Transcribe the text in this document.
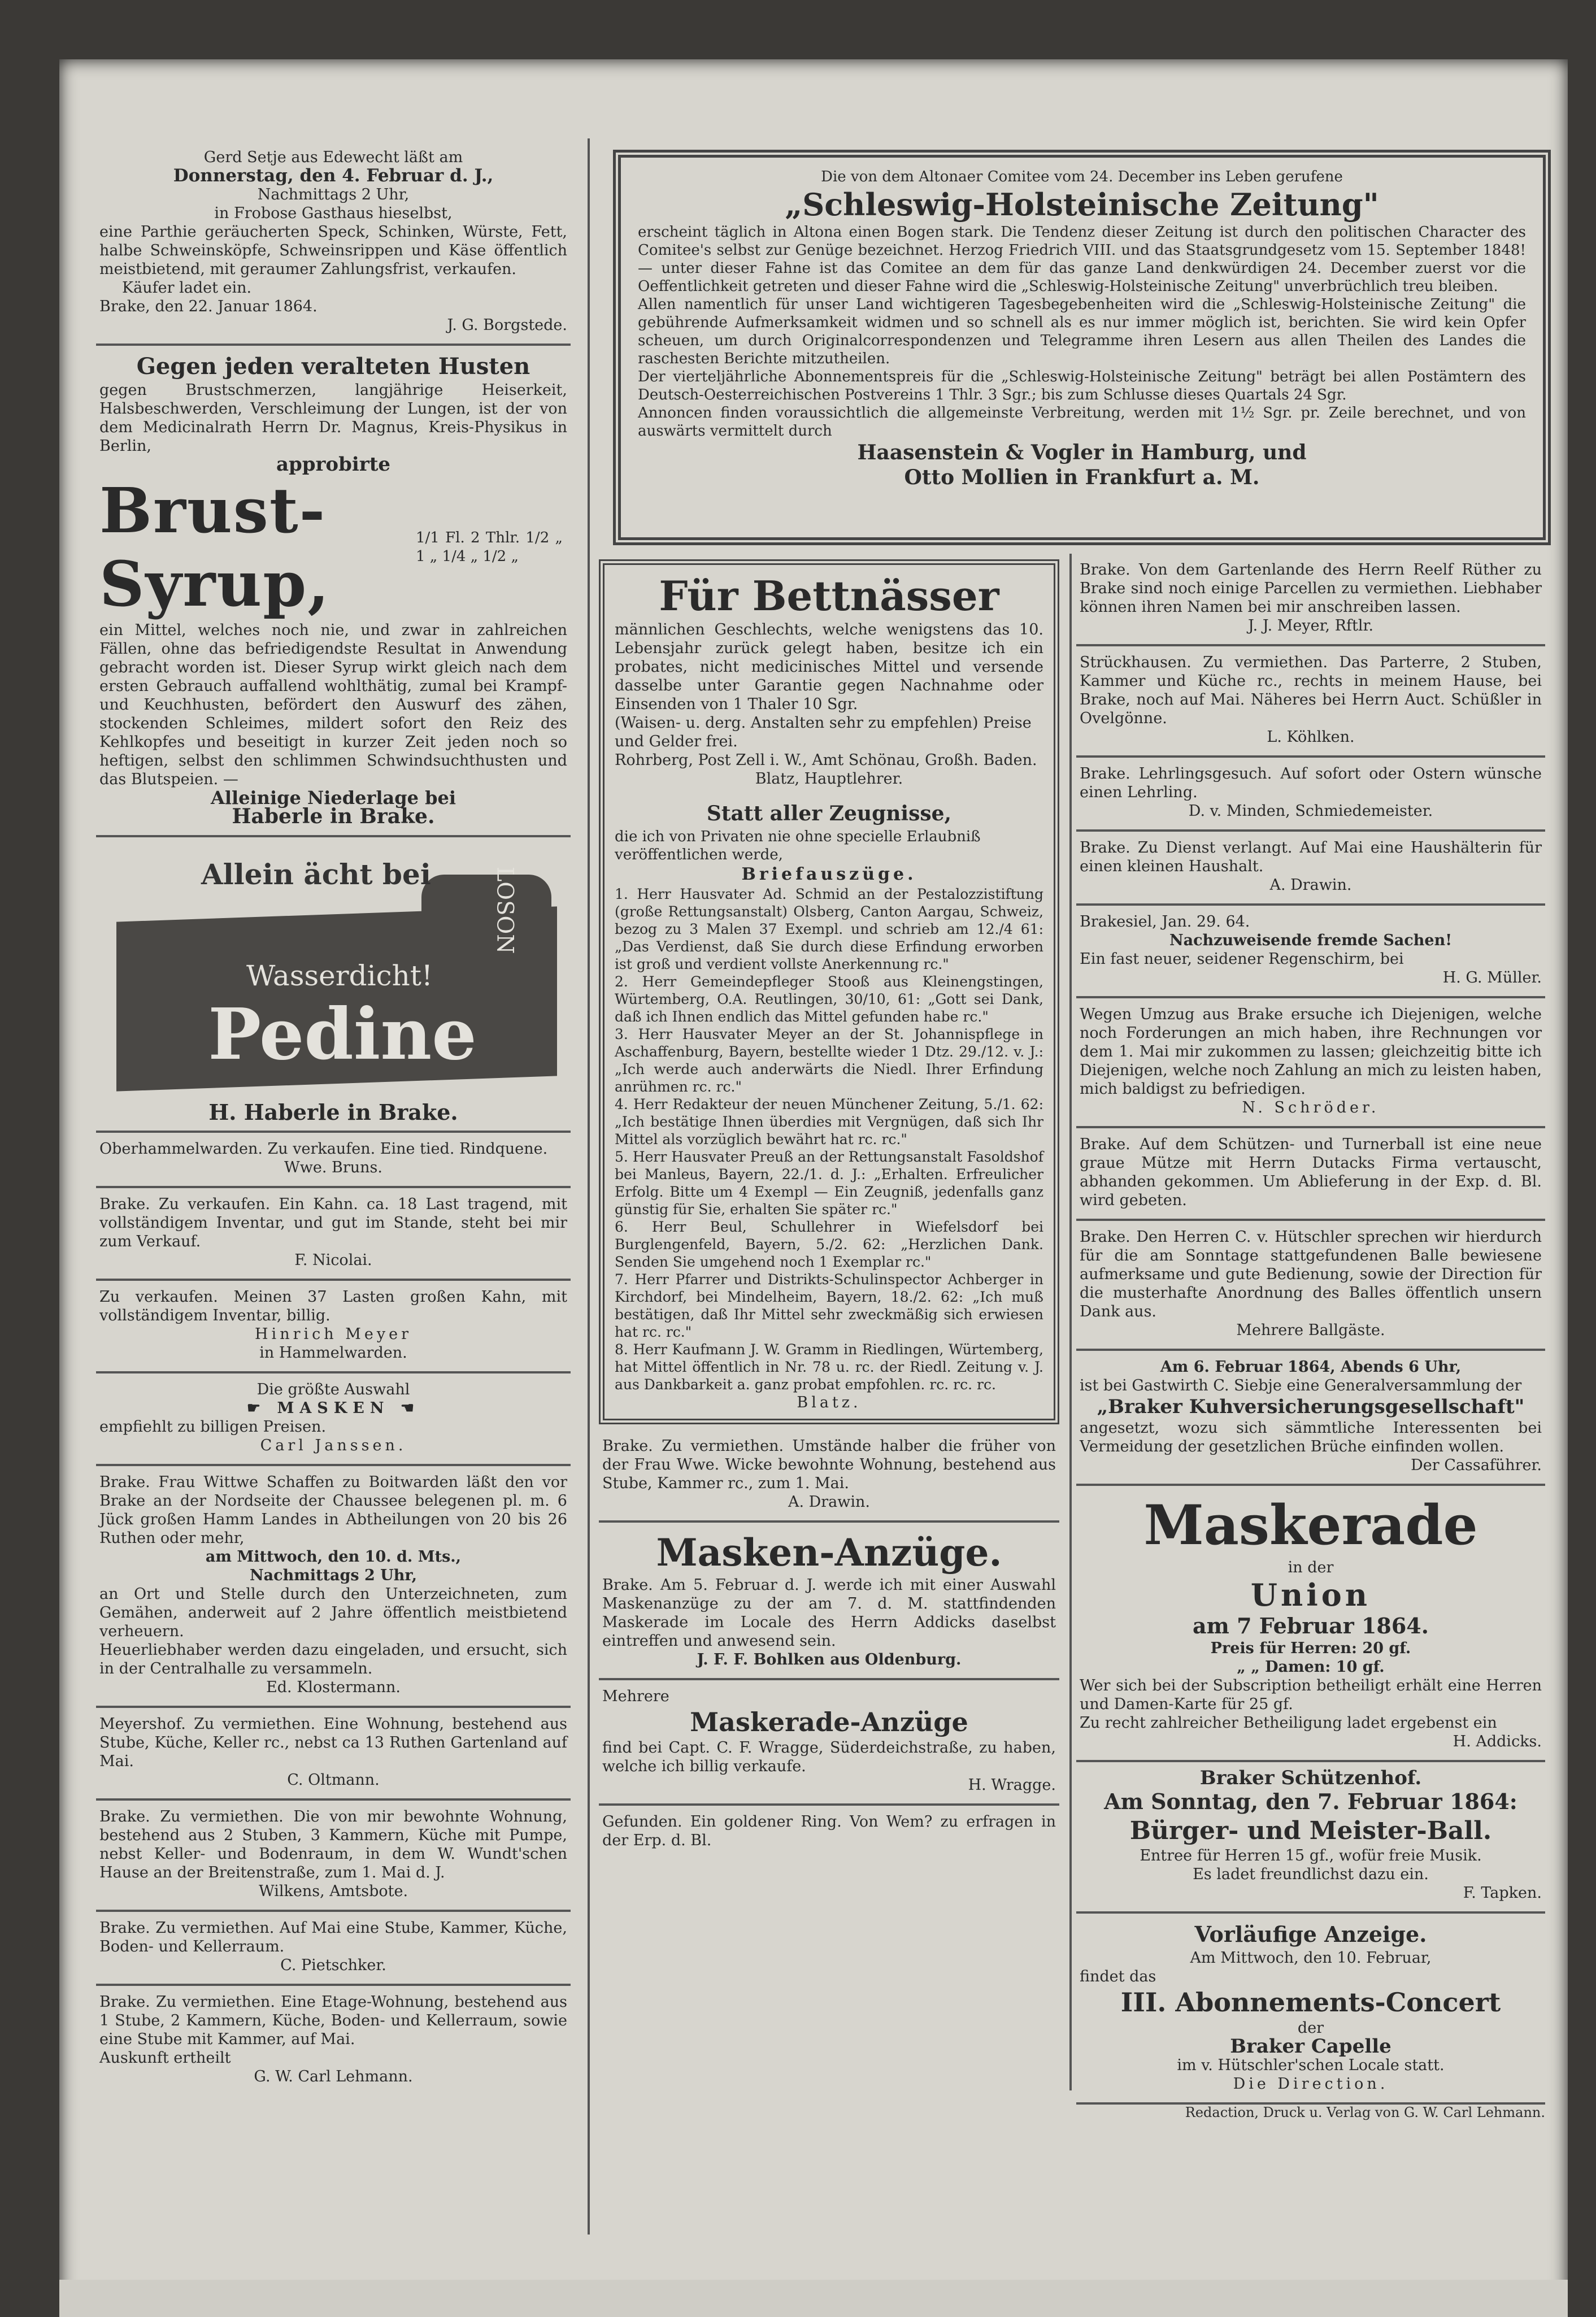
Gerd Setje aus Edewecht läßt am

Donnerstag, den 4. Februar d. J.,

Nachmittags 2 Uhr,

in Frobose Gasthaus hieselbst,

eine Parthie geräucherten Speck, Schinken, Würste, Fett, halbe Schweinsköpfe, Schweinsrippen und Käse öffentlich meistbietend, mit geraumer Zahlungsfrist, verkaufen.

Käufer ladet ein.

Brake, den 22. Januar 1864.

J. G. Borgstede.

Gegen jeden veralteten Husten

gegen Brustschmerzen, langjährige Heiserkeit, Halsbeschwerden, Verschleimung der Lungen, ist der von dem Medicinalrath Herrn Dr. Magnus, Kreis-Physikus in Berlin,

approbirte

Brust-Syrup,

1/1 Fl. 2 Thlr. 1/2 „ 1 „ 1/4 „ 1/2 „

ein Mittel, welches noch nie, und zwar in zahlreichen Fällen, ohne das befriedigendste Resultat in Anwendung gebracht worden ist. Dieser Syrup wirkt gleich nach dem ersten Gebrauch auffallend wohlthätig, zumal bei Krampf- und Keuchhusten, befördert den Auswurf des zähen, stockenden Schleimes, mildert sofort den Reiz des Kehlkopfes und beseitigt in kurzer Zeit jeden noch so heftigen, selbst den schlimmen Schwindsuchthusten und das Blutspeien. —

Alleinige Niederlage bei

Haberle in Brake.

Allein ächt bei
Wasserdicht!
Pedine
LOSON

H. Haberle in Brake.

Oberhammelwarden. Zu verkaufen. Eine tied. Rindquene.

Wwe. Bruns.

Brake. Zu verkaufen. Ein Kahn. ca. 18 Last tragend, mit vollständigem Inventar, und gut im Stande, steht bei mir zum Verkauf.

F. Nicolai.

Zu verkaufen. Meinen 37 Lasten großen Kahn, mit vollständigem Inventar, billig.

Hinrich Meyer

in Hammelwarden.

Die größte Auswahl

☛ MASKEN ☚

empfiehlt zu billigen Preisen.

Carl Janssen.

Brake. Frau Wittwe Schaffen zu Boitwarden läßt den vor Brake an der Nordseite der Chaussee belegenen pl. m. 6 Jück großen Hamm Landes in Abtheilungen von 20 bis 26 Ruthen oder mehr,

am Mittwoch, den 10. d. Mts.,

Nachmittags 2 Uhr,

an Ort und Stelle durch den Unterzeichneten, zum Gemähen, anderweit auf 2 Jahre öffentlich meistbietend verheuern.

Heuerliebhaber werden dazu eingeladen, und ersucht, sich in der Centralhalle zu versammeln.

Ed. Klostermann.

Meyershof. Zu vermiethen. Eine Wohnung, bestehend aus Stube, Küche, Keller rc., nebst ca 13 Ruthen Gartenland auf Mai.

C. Oltmann.

Brake. Zu vermiethen. Die von mir bewohnte Wohnung, bestehend aus 2 Stuben, 3 Kammern, Küche mit Pumpe, nebst Keller- und Bodenraum, in dem W. Wundt'schen Hause an der Breitenstraße, zum 1. Mai d. J.

Wilkens, Amtsbote.

Brake. Zu vermiethen. Auf Mai eine Stube, Kammer, Küche, Boden- und Kellerraum.

C. Pietschker.

Brake. Zu vermiethen. Eine Etage-Wohnung, bestehend aus 1 Stube, 2 Kammern, Küche, Boden- und Kellerraum, sowie eine Stube mit Kammer, auf Mai.

Auskunft ertheilt

G. W. Carl Lehmann.

Die von dem Altonaer Comitee vom 24. December ins Leben gerufene

„Schleswig-Holsteinische Zeitung"

erscheint täglich in Altona einen Bogen stark. Die Tendenz dieser Zeitung ist durch den politischen Character des Comitee's selbst zur Genüge bezeichnet. Herzog Friedrich VIII. und das Staatsgrundgesetz vom 15. September 1848! — unter dieser Fahne ist das Comitee an dem für das ganze Land denkwürdigen 24. December zuerst vor die Oeffentlichkeit getreten und dieser Fahne wird die „Schleswig-Holsteinische Zeitung" unverbrüchlich treu bleiben.

Allen namentlich für unser Land wichtigeren Tagesbegebenheiten wird die „Schleswig-Holsteinische Zeitung" die gebührende Aufmerksamkeit widmen und so schnell als es nur immer möglich ist, berichten. Sie wird kein Opfer scheuen, um durch Originalcorrespondenzen und Telegramme ihren Lesern aus allen Theilen des Landes die raschesten Berichte mitzutheilen.

Der vierteljährliche Abonnementspreis für die „Schleswig-Holsteinische Zeitung" beträgt bei allen Postämtern des Deutsch-Oesterreichischen Postvereins 1 Thlr. 3 Sgr.; bis zum Schlusse dieses Quartals 24 Sgr.

Annoncen finden voraussichtlich die allgemeinste Verbreitung, werden mit 1½ Sgr. pr. Zeile berechnet, und von auswärts vermittelt durch

Haasenstein & Vogler in Hamburg, und

Otto Mollien in Frankfurt a. M.

Für Bettnässer

männlichen Geschlechts, welche wenigstens das 10. Lebensjahr zurück gelegt haben, besitze ich ein probates, nicht medicinisches Mittel und versende dasselbe unter Garantie gegen Nachnahme oder Einsenden von 1 Thaler 10 Sgr.

(Waisen- u. derg. Anstalten sehr zu empfehlen) Preise und Gelder frei.

Rohrberg, Post Zell i. W., Amt Schönau, Großh. Baden.

Blatz, Hauptlehrer.

Statt aller Zeugnisse,

die ich von Privaten nie ohne specielle Erlaubniß veröffentlichen werde,

Briefauszüge.

1. Herr Hausvater Ad. Schmid an der Pestalozzistiftung (große Rettungsanstalt) Olsberg, Canton Aargau, Schweiz, bezog zu 3 Malen 37 Exempl. und schrieb am 12./4 61: „Das Verdienst, daß Sie durch diese Erfindung erworben ist groß und verdient vollste Anerkennung rc."

2. Herr Gemeindepfleger Stooß aus Kleinengstingen, Würtemberg, O.A. Reutlingen, 30/10, 61: „Gott sei Dank, daß ich Ihnen endlich das Mittel gefunden habe rc."

3. Herr Hausvater Meyer an der St. Johannispflege in Aschaffenburg, Bayern, bestellte wieder 1 Dtz. 29./12. v. J.: „Ich werde auch anderwärts die Niedl. Ihrer Erfindung anrühmen rc. rc."

4. Herr Redakteur der neuen Münchener Zeitung, 5./1. 62: „Ich bestätige Ihnen überdies mit Vergnügen, daß sich Ihr Mittel als vorzüglich bewährt hat rc. rc."

5. Herr Hausvater Preuß an der Rettungsanstalt Fasoldshof bei Manleus, Bayern, 22./1. d. J.: „Erhalten. Erfreulicher Erfolg. Bitte um 4 Exempl — Ein Zeugniß, jedenfalls ganz günstig für Sie, erhalten Sie später rc."

6. Herr Beul, Schullehrer in Wiefelsdorf bei Burglengenfeld, Bayern, 5./2. 62: „Herzlichen Dank. Senden Sie umgehend noch 1 Exemplar rc."

7. Herr Pfarrer und Distrikts-Schulinspector Achberger in Kirchdorf, bei Mindelheim, Bayern, 18./2. 62: „Ich muß bestätigen, daß Ihr Mittel sehr zweckmäßig sich erwiesen hat rc. rc."

8. Herr Kaufmann J. W. Gramm in Riedlingen, Würtemberg, hat Mittel öffentlich in Nr. 78 u. rc. der Riedl. Zeitung v. J. aus Dankbarkeit a. ganz probat empfohlen. rc. rc. rc.

Blatz.

Brake. Zu vermiethen. Umstände halber die früher von der Frau Wwe. Wicke bewohnte Wohnung, bestehend aus Stube, Kammer rc., zum 1. Mai.

A. Drawin.

Masken-Anzüge.

Brake. Am 5. Februar d. J. werde ich mit einer Auswahl Maskenanzüge zu der am 7. d. M. stattfindenden Maskerade im Locale des Herrn Addicks daselbst eintreffen und anwesend sein.

J. F. F. Bohlken aus Oldenburg.

Mehrere

Maskerade-Anzüge

find bei Capt. C. F. Wragge, Süderdeichstraße, zu haben, welche ich billig verkaufe.

H. Wragge.

Gefunden. Ein goldener Ring. Von Wem? zu erfragen in der Erp. d. Bl.

Brake. Von dem Gartenlande des Herrn Reelf Rüther zu Brake sind noch einige Parcellen zu vermiethen. Liebhaber können ihren Namen bei mir anschreiben lassen.

J. J. Meyer, Rftlr.

Strückhausen. Zu vermiethen. Das Parterre, 2 Stuben, Kammer und Küche rc., rechts in meinem Hause, bei Brake, noch auf Mai. Näheres bei Herrn Auct. Schüßler in Ovelgönne.

L. Köhlken.

Brake. Lehrlingsgesuch. Auf sofort oder Ostern wünsche einen Lehrling.

D. v. Minden, Schmiedemeister.

Brake. Zu Dienst verlangt. Auf Mai eine Haushälterin für einen kleinen Haushalt.

A. Drawin.

Brakesiel, Jan. 29. 64.

Nachzuweisende fremde Sachen!

Ein fast neuer, seidener Regenschirm, bei

H. G. Müller.

Wegen Umzug aus Brake ersuche ich Diejenigen, welche noch Forderungen an mich haben, ihre Rechnungen vor dem 1. Mai mir zukommen zu lassen; gleichzeitig bitte ich Diejenigen, welche noch Zahlung an mich zu leisten haben, mich baldigst zu befriedigen.

N. Schröder.

Brake. Auf dem Schützen- und Turnerball ist eine neue graue Mütze mit Herrn Dutacks Firma vertauscht, abhanden gekommen. Um Ablieferung in der Exp. d. Bl. wird gebeten.

Brake. Den Herren C. v. Hütschler sprechen wir hierdurch für die am Sonntage stattgefundenen Balle bewiesene aufmerksame und gute Bedienung, sowie der Direction für die musterhafte Anordnung des Balles öffentlich unsern Dank aus.

Mehrere Ballgäste.

Am 6. Februar 1864, Abends 6 Uhr,

ist bei Gastwirth C. Siebje eine Generalversammlung der

„Braker Kuhversicherungsgesellschaft"

angesetzt, wozu sich sämmtliche Interessenten bei Vermeidung der gesetzlichen Brüche einfinden wollen.

Der Cassaführer.

Maskerade

in der

Union

am 7 Februar 1864.

Preis für Herren: 20 gf.

„ „ Damen: 10 gf.

Wer sich bei der Subscription betheiligt erhält eine Herren und Damen-Karte für 25 gf.

Zu recht zahlreicher Betheiligung ladet ergebenst ein

H. Addicks.

Braker Schützenhof.

Am Sonntag, den 7. Februar 1864:

Bürger- und Meister-Ball.

Entree für Herren 15 gf., wofür freie Musik.

Es ladet freundlichst dazu ein.

F. Tapken.

Vorläufige Anzeige.

Am Mittwoch, den 10. Februar,

findet das

III. Abonnements-Concert

der

Braker Capelle

im v. Hütschler'schen Locale statt.

Die Direction.

Redaction, Druck u. Verlag von G. W. Carl Lehmann.
